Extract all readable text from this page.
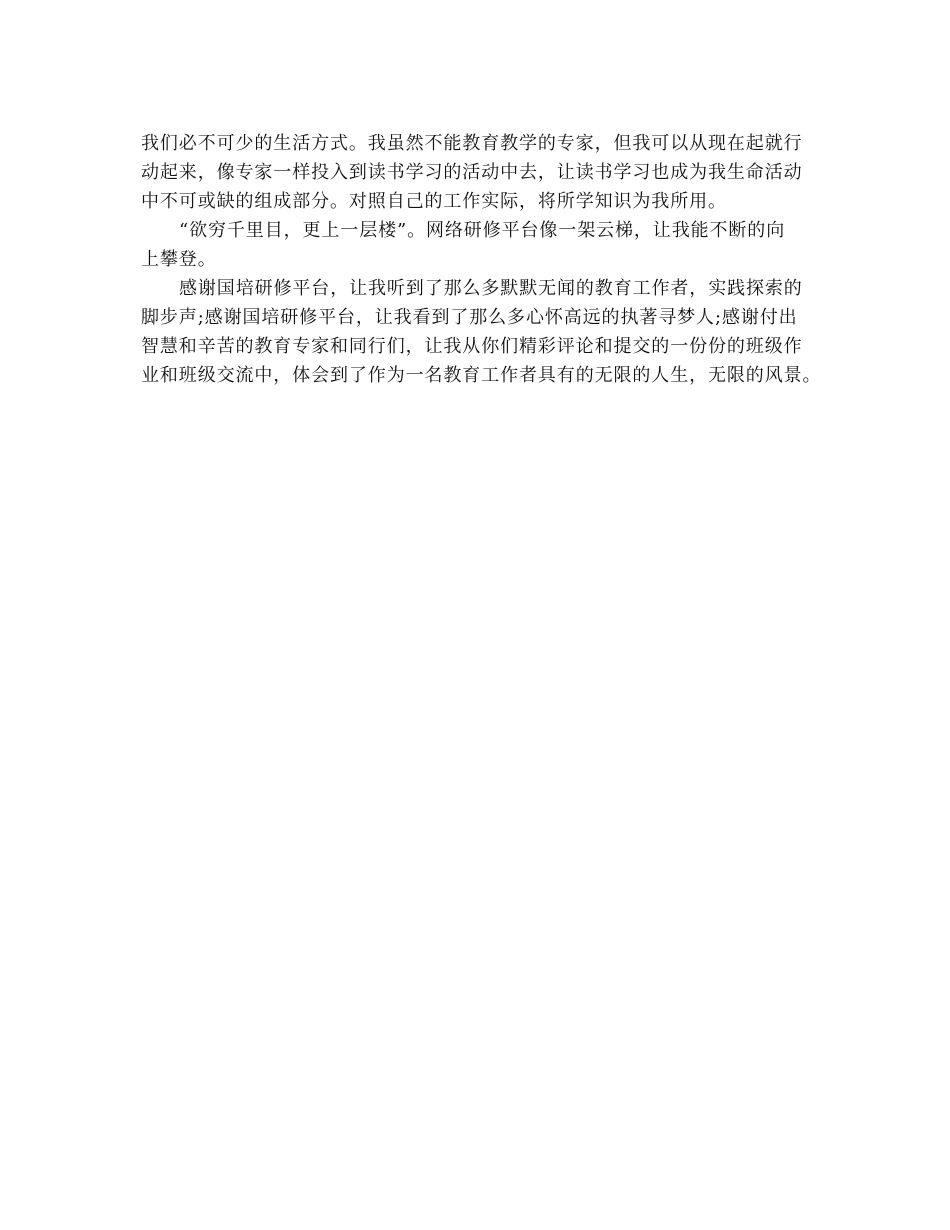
我们必不可少的生活方式。我虽然不能教育教学的专家，但我可以从现在起就行
动起来，像专家一样投入到读书学习的活动中去，让读书学习也成为我生命活动
中不可或缺的组成部分。对照自己的工作实际，将所学知识为我所用。
“欲穷千里目，更上一层楼”。网络研修平台像一架云梯，让我能不断的向
上攀登。
感谢国培研修平台，让我听到了那么多默默无闻的教育工作者，实践探索的
脚步声;感谢国培研修平台，让我看到了那么多心怀高远的执著寻梦人;感谢付出
智慧和辛苦的教育专家和同行们，让我从你们精彩评论和提交的一份份的班级作
业和班级交流中，体会到了作为一名教育工作者具有的无限的人生，无限的风景。
